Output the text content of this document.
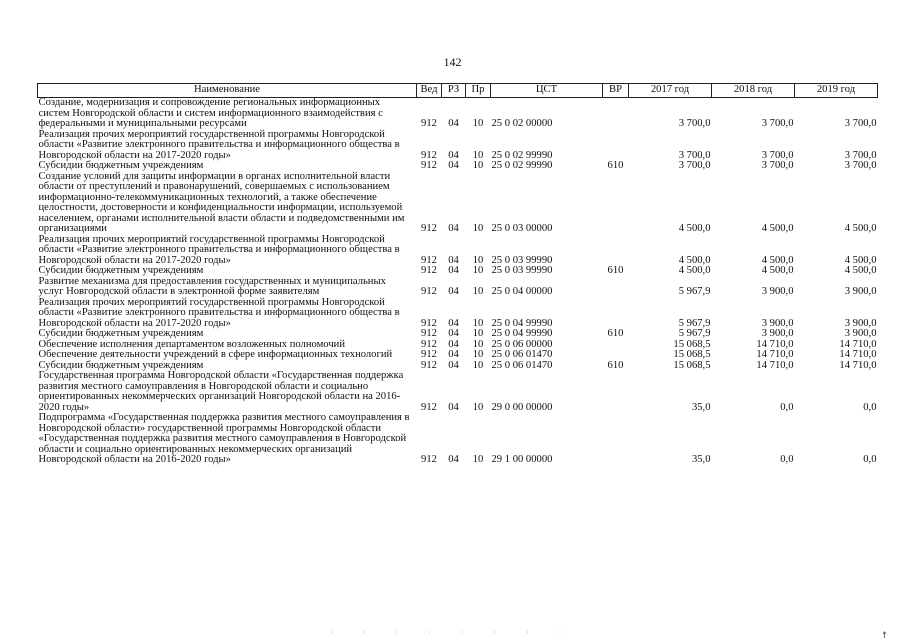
142
Наименование	Вед	РЗ	Пр	ЦСТ	ВР	2017 год	2018 год	2019 год
Создание, модернизация и сопровождение региональных информационных систем Новгородской области и систем информационного взаимодействия с федеральными и муниципальными ресурсами	912	04	10	25 0 02 00000		3 700,0	3 700,0	3 700,0
Реализация прочих мероприятий государственной программы Новгородской области «Развитие электронного правительства и информационного общества в Новгородской области на 2017-2020 годы»	912	04	10	25 0 02 99990		3 700,0	3 700,0	3 700,0
Субсидии бюджетным учреждениям	912	04	10	25 0 02 99990	610	3 700,0	3 700,0	3 700,0
Создание условий для защиты информации в органах исполнительной власти области от преступлений и правонарушений, совершаемых с использованием информационно-телекоммуникационных технологий, а также обеспечение целостности, достоверности и конфиденциальности информации, используемой населением, органами исполнительной власти области и подведомственными им организациями	912	04	10	25 0 03 00000		4 500,0	4 500,0	4 500,0
Реализация прочих мероприятий государственной программы Новгородской области «Развитие электронного правительства и информационного общества в Новгородской области на 2017-2020 годы»	912	04	10	25 0 03 99990		4 500,0	4 500,0	4 500,0
Субсидии бюджетным учреждениям	912	04	10	25 0 03 99990	610	4 500,0	4 500,0	4 500,0
Развитие механизма для предоставления государственных и муниципальных услуг Новгородской области в электронной форме заявителям	912	04	10	25 0 04 00000		5 967,9	3 900,0	3 900,0
Реализация прочих мероприятий государственной программы Новгородской области «Развитие электронного правительства и информационного общества в Новгородской области на 2017-2020 годы»	912	04	10	25 0 04 99990		5 967,9	3 900,0	3 900,0
Субсидии бюджетным учреждениям	912	04	10	25 0 04 99990	610	5 967,9	3 900,0	3 900,0
Обеспечение исполнения департаментом возложенных полномочий	912	04	10	25 0 06 00000		15 068,5	14 710,0	14 710,0
Обеспечение деятельности учреждений в сфере информационных технологий	912	04	10	25 0 06 01470		15 068,5	14 710,0	14 710,0
Субсидии бюджетным учреждениям	912	04	10	25 0 06 01470	610	15 068,5	14 710,0	14 710,0
Государственная программа Новгородской области «Государственная поддержка развития местного самоуправления в Новгородской области и социально ориентированных некоммерческих организаций Новгородской области на 2016-2020 годы»	912	04	10	29 0 00 00000		35,0	0,0	0,0
Подпрограмма «Государственная поддержка развития местного самоуправления в Новгородской области» государственной программы Новгородской области «Государственная поддержка развития местного самоуправления в Новгородской области и социально ориентированных некоммерческих организаций Новгородской области на 2016-2020 годы»	912	04	10	29 1 00 00000		35,0	0,0	0,0
· · · · · · · ·	☨
